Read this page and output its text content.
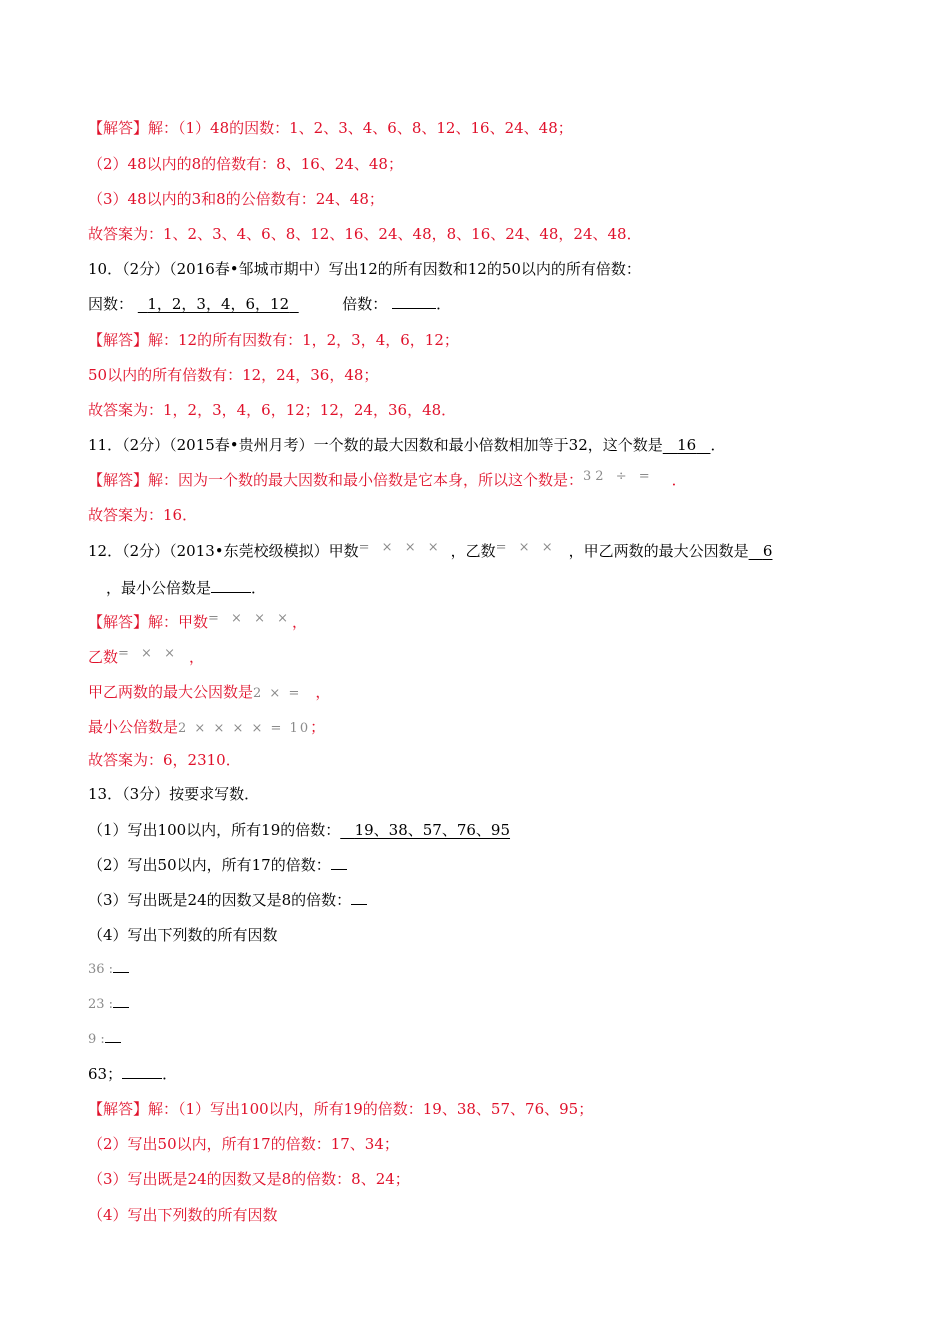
【解答】解：（1）48的因数：1、2、3、4、6、8、12、16、24、48；
（2）48以内的8的倍数有：8、16、24、48；
（3）48以内的3和8的公倍数有：24、48；
故答案为：1、2、3、4、6、8、12、16、24、48，8、16、24、48，24、48．
10．（2分）（2016春•邹城市期中）写出12的所有因数和12的50以内的所有倍数：
因数： 1，2，3，4，6，12	倍数：	．
【解答】解：12的所有因数有：1，2，3，4，6，12；
50以内的所有倍数有：12，24，36，48；
故答案为：1，2，3，4，6，12；12，24，36，48．
11．（2分）（2015春•贵州月考）一个数的最大因数和最小倍数相加等于32，这个数是 16 ．
【解答】解：因为一个数的最大因数和最小倍数是它本身，所以这个数是：32 ÷ = ．
故答案为：16．
12．（2分）（2013•东莞校级模拟）甲数= × × × ，乙数= × × ，甲乙两数的最大公因数是 6
，最小公倍数是	．
【解答】解：甲数= × × ×，
乙数= × × ，
甲乙两数的最大公因数是2 × = ，
最小公倍数是2 × × × × = 10；
故答案为：6，2310．
13．（3分）按要求写数．
（1）写出100以内，所有19的倍数： 19、38、57、76、95
（2）写出50以内，所有17的倍数：
（3）写出既是24的因数又是8的倍数：
（4）写出下列数的所有因数
36 :
23 :
9 :
63；	．
【解答】解：（1）写出100以内，所有19的倍数：19、38、57、76、95；
（2）写出50以内，所有17的倍数：17、34；
（3）写出既是24的因数又是8的倍数：8、24；
（4）写出下列数的所有因数
